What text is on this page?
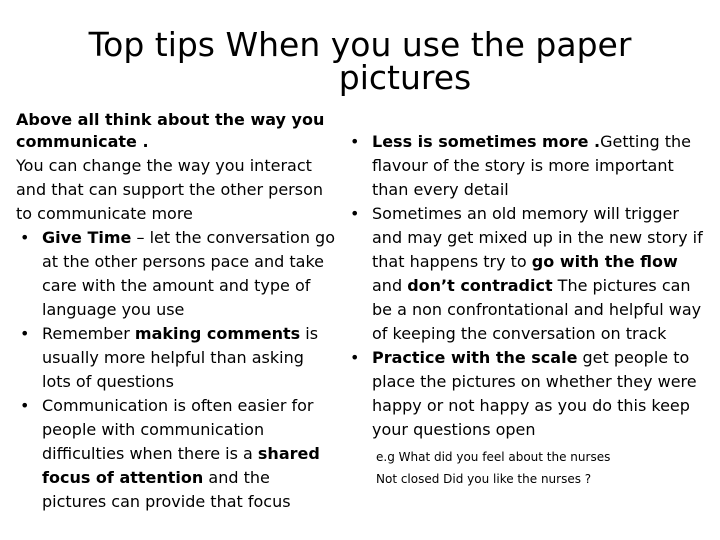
Top tips When you use the paper
pictures
Above all think about the way you

communicate .

You can change the way you interact and that can support the other person to communicate more

• Give Time – let the conversation go at the other persons pace and take care with the amount and type of language you use
• Remember making comments is usually more helpful than asking lots of questions
• Communication is often easier for people with communication difficulties when there is a shared focus of attention and the pictures can provide that focus
• Less is sometimes more .Getting the flavour of the story is more important than every detail
• Sometimes an old memory will trigger and may get mixed up in the new story if that happens try to go with the flow and don’t contradict The pictures can be a non confrontational and helpful way of keeping the conversation on track
• Practice with the scale get people to place the pictures on whether they were happy or not happy as you do this keep your questions open

e.g What did you feel about the nurses

Not closed Did you like the nurses ?
